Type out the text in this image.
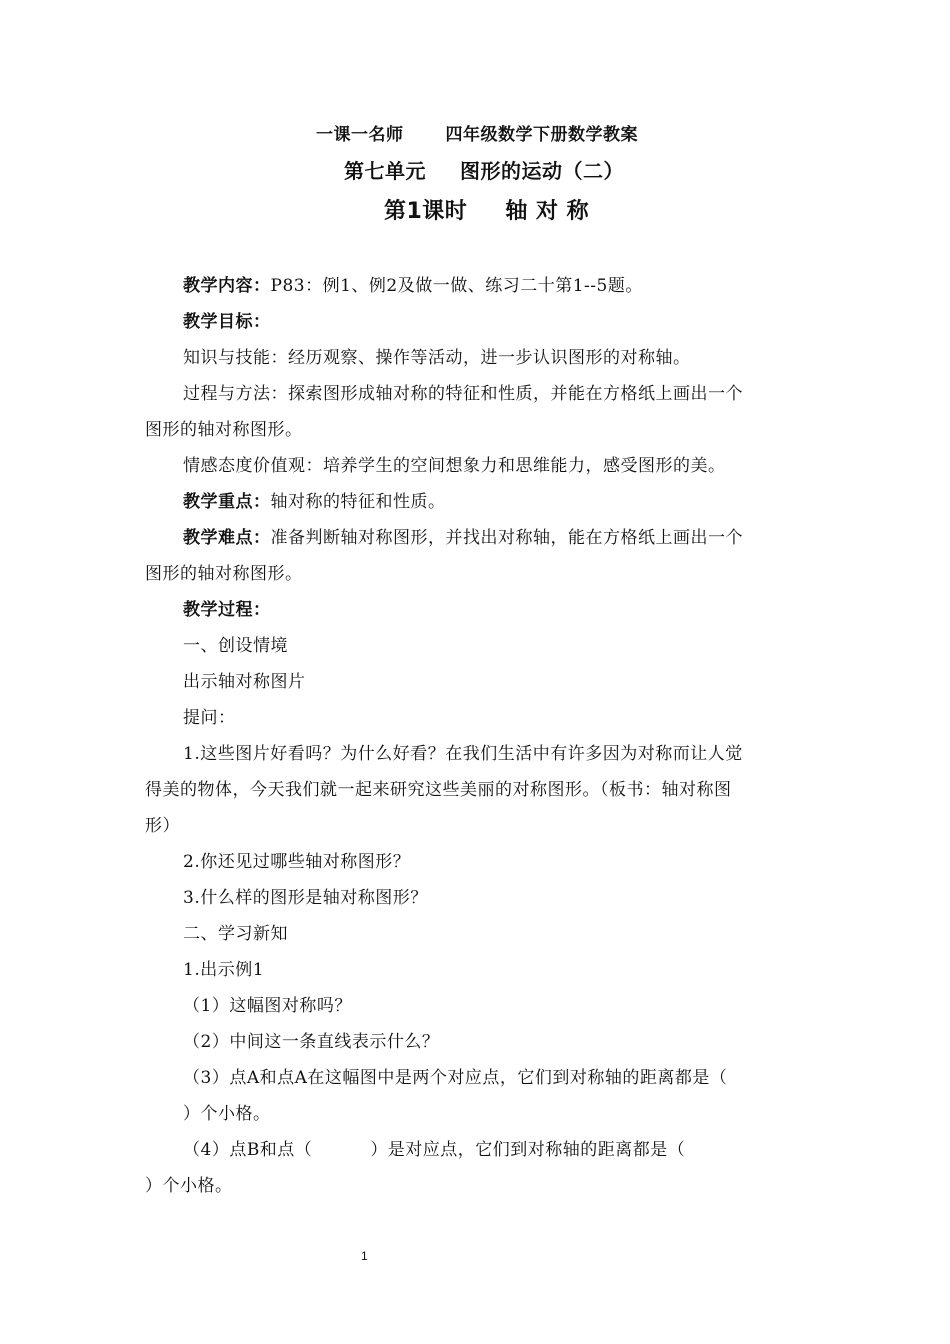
一课一名师 四年级数学下册数学教案
第七单元 图形的运动（二）
第1课时 轴 对 称
教学内容：P83：例1、例2及做一做、练习二十第1--5题。
教学目标：
知识与技能：经历观察、操作等活动，进一步认识图形的对称轴。
过程与方法：探索图形成轴对称的特征和性质，并能在方格纸上画出一个
图形的轴对称图形。
情感态度价值观：培养学生的空间想象力和思维能力，感受图形的美。
教学重点：轴对称的特征和性质。
教学难点：准备判断轴对称图形，并找出对称轴，能在方格纸上画出一个
图形的轴对称图形。
教学过程：
一、创设情境
出示轴对称图片
提问：
1.这些图片好看吗？为什么好看？在我们生活中有许多因为对称而让人觉
得美的物体，今天我们就一起来研究这些美丽的对称图形。（板书：轴对称图
形）
2.你还见过哪些轴对称图形？
3.什么样的图形是轴对称图形？
二、学习新知
1.出示例1
（1）这幅图对称吗？
（2）中间这一条直线表示什么？
（3）点A和点A在这幅图中是两个对应点，它们到对称轴的距离都是（
）个小格。
（4）点B和点（	）是对应点，它们到对称轴的距离都是（
）个小格。
1
